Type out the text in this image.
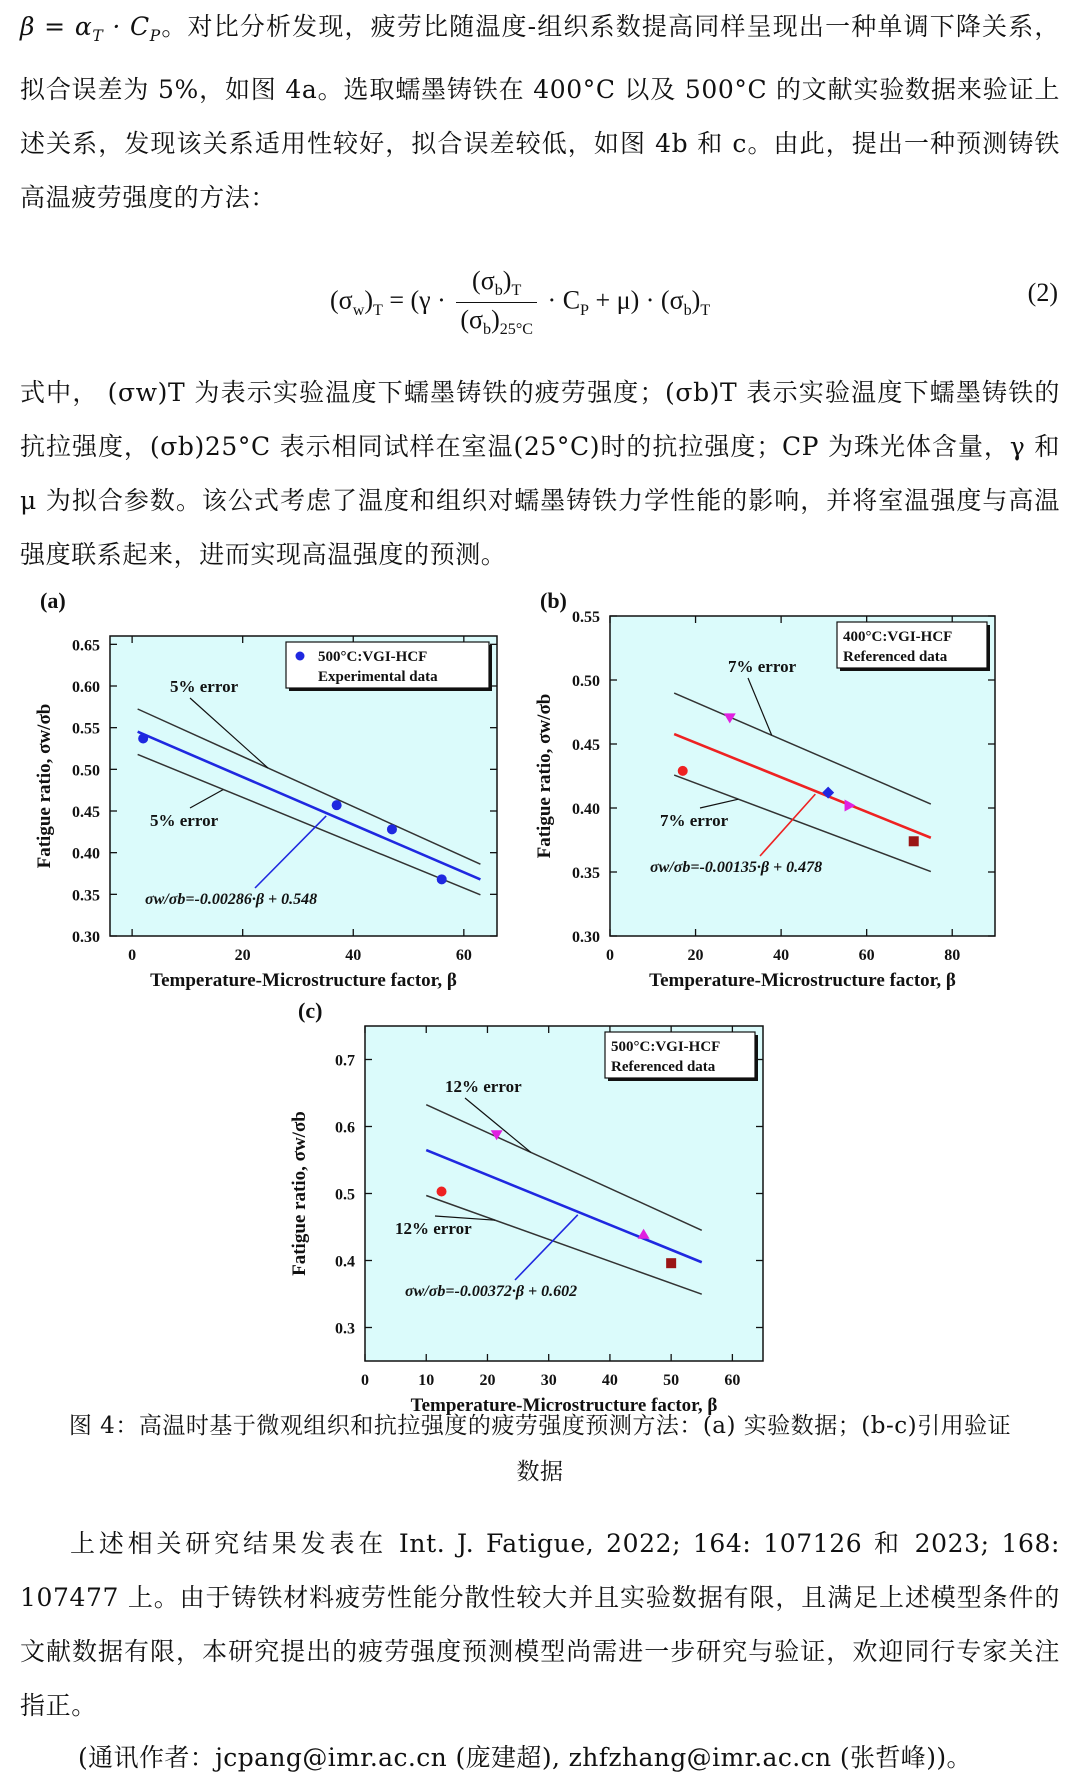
$\beta = \alpha_T \cdot C_P$。对比分析发现，疲劳比随温度-组织系数提高同样呈现出一种单调下降关系，拟合误差为 5%，如图 4a。选取蠕墨铸铁在 400°C 以及 500°C 的文献实验数据来验证上述关系，发现该关系适用性较好，拟合误差较低，如图 4b 和 c。由此，提出一种预测铸铁高温疲劳强度的方法：

$(\sigma_w)_T = (\gamma \cdot \frac{(\sigma_b)_T}{(\sigma_b)_{25^\circ C}} \cdot C_P + \mu) \cdot (\sigma_b)_T$
(2)

式中， (σw)T 为表示实验温度下蠕墨铸铁的疲劳强度；(σb)T 表示实验温度下蠕墨铸铁的抗拉强度，(σb)25°C 表示相同试样在室温(25°C)时的抗拉强度；CP 为珠光体含量，γ 和 μ 为拟合参数。该公式考虑了温度和组织对蠕墨铸铁力学性能的影响，并将室温强度与高温强度联系起来，进而实现高温强度的预测。

(a)
0	20	40	60
0.30
0.35
0.40
0.45
0.50
0.55
0.60
0.65
Temperature-Microstructure factor, β
Fatigue ratio, σw/σb
5% error
5% error
σw/σb=-0.00286·β + 0.548
500°C:VGI-HCF
Experimental data
(b)
0	20	40	60	80
0.30
0.35
0.40
0.45
0.50
0.55
Temperature-Microstructure factor, β
Fatigue ratio, σw/σb
7% error
7% error
σw/σb=-0.00135·β + 0.478
400°C:VGI-HCF
Referenced data
(c)
0	10	20	30	40	50	60
0.3
0.4
0.5
0.6
0.7
Temperature-Microstructure factor, β
Fatigue ratio, σw/σb
12% error
12% error
σw/σb=-0.00372·β + 0.602
500°C:VGI-HCF
Referenced data
图 4：高温时基于微观组织和抗拉强度的疲劳强度预测方法：(a) 实验数据；(b-c)引用验证数据

上述相关研究结果发表在 Int. J. Fatigue, 2022; 164: 107126 和 2023; 168: 107477 上。由于铸铁材料疲劳性能分散性较大并且实验数据有限，且满足上述模型条件的文献数据有限，本研究提出的疲劳强度预测模型尚需进一步研究与验证，欢迎同行专家关注指正。

(通讯作者：jcpang@imr.ac.cn (庞建超), zhfzhang@imr.ac.cn (张哲峰))。
